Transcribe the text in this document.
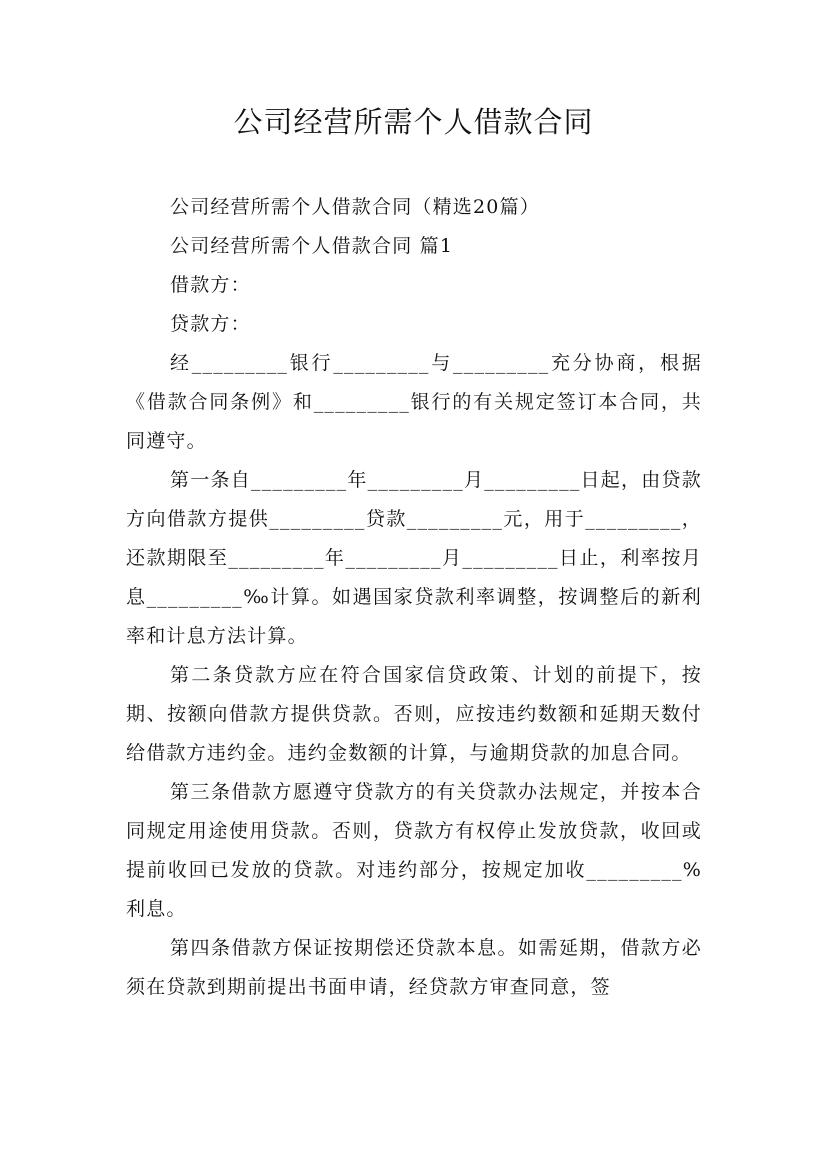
公司经营所需个人借款合同

公司经营所需个人借款合同（精选20篇）

公司经营所需个人借款合同 篇1

借款方：

贷款方：

经_________银行_________与_________充分协商，根据《借款合同条例》和_________银行的有关规定签订本合同，共同遵守。

第一条自_________年_________月_________日起，由贷款方向借款方提供_________贷款_________元，用于_________，还款期限至_________年_________月_________日止，利率按月息_________‰计算。如遇国家贷款利率调整，按调整后的新利率和计息方法计算。

第二条贷款方应在符合国家信贷政策、计划的前提下，按期、按额向借款方提供贷款。否则，应按违约数额和延期天数付给借款方违约金。违约金数额的计算，与逾期贷款的加息合同。

第三条借款方愿遵守贷款方的有关贷款办法规定，并按本合同规定用途使用贷款。否则，贷款方有权停止发放贷款，收回或提前收回已发放的贷款。对违约部分，按规定加收_________%利息。

第四条借款方保证按期偿还贷款本息。如需延期，借款方必须在贷款到期前提出书面申请，经贷款方审查同意，签
